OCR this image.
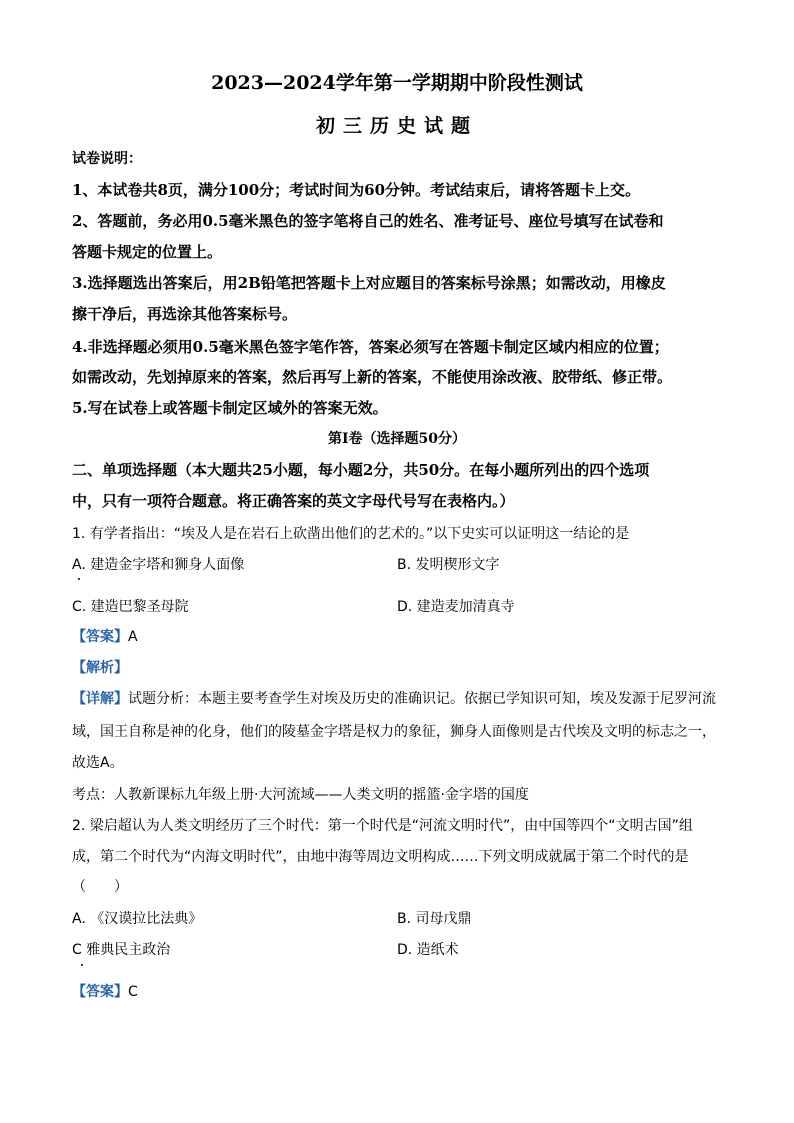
2023—2024学年第一学期期中阶段性测试
初三历史试题
试卷说明：
1、本试卷共8页，满分100分；考试时间为60分钟。考试结束后，请将答题卡上交。
2、答题前，务必用0.5毫米黑色的签字笔将自己的姓名、准考证号、座位号填写在试卷和
答题卡规定的位置上。
3.选择题选出答案后，用2B铅笔把答题卡上对应题目的答案标号涂黑；如需改动，用橡皮
擦干净后，再选涂其他答案标号。
4.非选择题必须用0.5毫米黑色签字笔作答，答案必须写在答题卡制定区域内相应的位置；
如需改动，先划掉原来的答案，然后再写上新的答案，不能使用涂改液、胶带纸、修正带。
5.写在试卷上或答题卡制定区域外的答案无效。
第Ⅰ卷（选择题50分）
二、单项选择题（本大题共25小题，每小题2分，共50分。在每小题所列出的四个选项
中，只有一项符合题意。将正确答案的英文字母代号写在表格内。）
1. 有学者指出：“埃及人是在岩石上砍凿出他们的艺术的。”以下史实可以证明这一结论的是
A. 建造金字塔和狮身人面像	B. 发明楔形文字
C. 建造巴黎圣母院	D. 建造麦加清真寺
【答案】A
【解析】
【详解】试题分析：本题主要考查学生对埃及历史的准确识记。依据已学知识可知，埃及发源于尼罗河流
域，国王自称是神的化身，他们的陵墓金字塔是权力的象征，狮身人面像则是古代埃及文明的标志之一，
故选A。
考点：人教新课标九年级上册·大河流域——人类文明的摇篮·金字塔的国度
2. 梁启超认为人类文明经历了三个时代：第一个时代是“河流文明时代”，由中国等四个“文明古国”组
成，第二个时代为“内海文明时代”，由地中海等周边文明构成……下列文明成就属于第二个时代的是
（　　）
A. 《汉谟拉比法典》	B. 司母戊鼎
C 雅典民主政治	D. 造纸术
【答案】C
